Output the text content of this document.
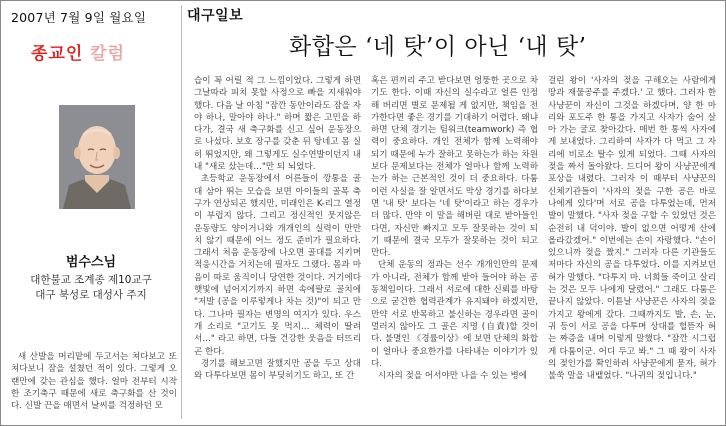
2007년 7월 9일 월요일	대구일보
종교인 칼럼	화합은 ‘네 탓’이 아닌 ‘내 탓’
범수스님
대한불교 조계종 제10교구
대구 북성로 대성사 주지

새 산발을 머리맡에 두고서는 쳐다보고 또 쳐다보니 잠을 설쳤던 적이 있다. 그렇게 오랜만에 갖는 관심을 했다. 얼마 전부터 시작한 조기축구 때문에 새로 축구화를 산 것이다. 신발 끈을 매면서 날씨를 걱정하던 모

습이 꼭 어릴 적 그 느낌이었다. 그렇게 하면 그날따라 피치 못할 사정으로 빠을 지새워야 했다. 다음 날 아침 "잠깐 동안이라도 잠을 자야 하나, 말아야 하나." 하며 짧은 고민을 하다가, 결국 새 축구화를 신고 싶어 운동장으로 나섰다. 보호 장구를 갖춘 뒤 탕네고 몸 실히 뛰었지만, 왜 그렇게도 실수연발이던지 내내 "새로 샀는데…"만 되 뇌었다.

초등학교 운동장에서 어른들이 깡통을 골대 삼아 뛰는 모습을 보면 아이들의 골목 축구가 연상되곤 했지만, 미래인은 K-리그 열정이 부럽지 않다. 그리고 정신적인 뭇지않은 운동량도 양이거니와 개개인의 실력이 만만치 않기 때문에 어느 정도 준비가 필요하다. 그래서 처음 운동장에 나오면 골대를 지키며 적응시간을 거치는데 필자도 그랬다. 몸과 마음이 따로 움직이니 당연한 것이다. 거기에다 햇빛에 넘어지기까지 하면 속에팔로 골치에 "저발 (공을 이루렇게나 차는 것)"이 되고 만다. 그나마 필자는 변명의 여지가 있다. 우스개 소리로 "고기도 못 먹지… 체력이 딸려서…" 라고 하면, 다들 건강한 웃음을 터뜨리곤 한다.

경기를 해보고면 잘했지만 공을 두고 상대와 다투다보면 몸이 부딪히기도 하고, 또 간

혹은 편끼리 주고 받다보면 엉뚱한 곳으로 차기도 한다. 이때 자신의 실수라고 얼른 인정해 버리면 별로 문제될 게 없지만, 책임을 전가한다면 좋은 경기를 기대하기 어렵다. 왜냐하면 단체 경기는 팀워크(teamwork) 즉 협력이 중요하다. 개인 전체가 함께 노력해야 되기 때문에 누가 잘하고 못하는가 하는 차원보다 문제보다는 전체가 얼마나 함께 노력하는가 하는 근본적인 것이 더 중요하다. 다툼 이런 사실을 잘 알면서도 막상 경기를 하다보면 '내 탓' 보다는 '네 탓'이라고 하는 경우가 더 많다. 만약 이 말을 해버린 대로 받아들인다면, 자신만 빠지고 모두 잘못하는 것이 되기 때문에 결국 모두가 잘못하는 것이 되고 만다.

단체 운동의 정과는 선수 개개인만의 문제가 아니라, 전체가 함께 받아 들어야 하는 공동책임이다. 그래서 서로에 대한 신뢰를 바탕으로 굳건한 협력관계가 유지돼야 하겠지만, 만약 서로 반목하고 불신하는 경우라면 골이 멀러지 않아도 그 골은 지명 (自責)할 것이다. 불멸인 《경률이상》에 보면 단체의 화합이 얼마나 중요한가를 나타내는 이야기가 있다.

시자의 젖을 어서야만 나을 수 있는 병에

걸린 왕이 '사자의 젖을 구해오는 사람에게 땅과 재물공주를 주겠다.' 고 했다. 그러자 한 사냥꾼이 자신이 그것을 하겠다며, 양 한 마리와 포도주 한 통을 가지고 사자가 숨어 살아 가는 굴로 찾아갔다. 매번 한 통씩 사자에게 보내었다. 그리하여 사자가 다 먹고 그 자리에 비로소 탈수 있게 되었다. 그때 사자의 젖을 짜서 돌아왔다. 드디어 왕이 사냥꾼에게 포상을 내렸다. 그러자 이 때부터 사냥꾼의 신체기관들이 '사자의 젖을 구한 공은 바로 나에게 있다'며 서로 공을 다투었는데, 먼저 발이 말했다. "사자 젖을 구할 수 있었던 것은 순전히 내 덕이야. 발이 없으면 어떻게 산에 올라갔겠어." 이번에는 손이 자랑했다. "손이 있으니까 젖을 짰지." 그러자 다른 기관들도 저마다 자신의 공을 다투었다. 이를 지켜보던 혀가 말했다. "다투지 마. 너희들 죽이고 살리는 것은 모두 나에게 달렸어." 그래도 다툼은 끝나지 않았다. 이튿날 사냥꾼은 사자의 젖을 가지고 왕에게 갔다. 그때까지도 발, 손, 눈, 귀 등이 서로 공을 다투며 상대를 헐뜯자 혀는 짜증을 내며 이렇게 말했다. "잠깐 시그럽게 다툼이군. 어디 두고 봐." 그 때 왕이 사자의 젖인가를 확인하려 사냥꾼에게 묻자, 혀가 불쑥 말을 내뱉었다. "나귀의 젖입니다."
